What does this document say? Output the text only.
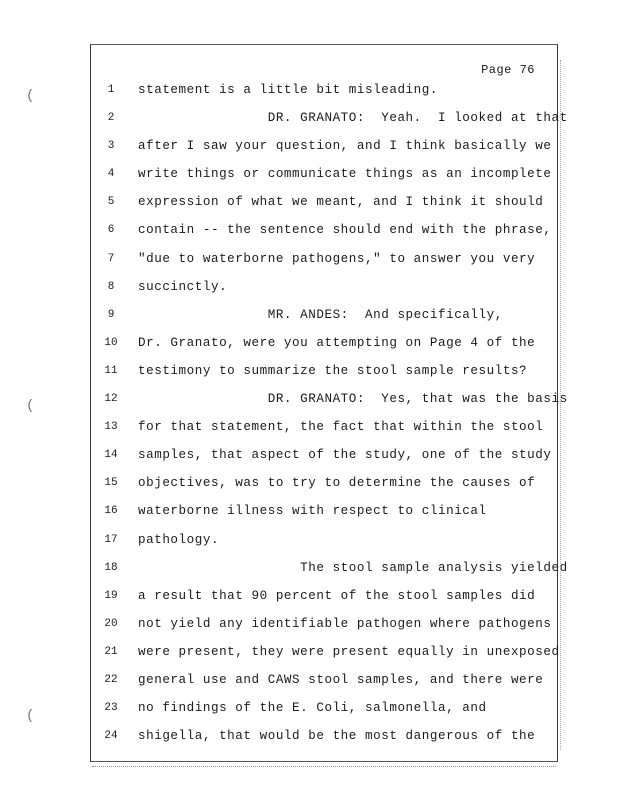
(
(
(
Page 76
1	statement is a little bit misleading.
2	DR. GRANATO:  Yeah.  I looked at that
3	after I saw your question, and I think basically we
4	write things or communicate things as an incomplete
5	expression of what we meant, and I think it should
6	contain -- the sentence should end with the phrase,
7	"due to waterborne pathogens," to answer you very
8	succinctly.
9	MR. ANDES:  And specifically,
10	Dr. Granato, were you attempting on Page 4 of the
11	testimony to summarize the stool sample results?
12	DR. GRANATO:  Yes, that was the basis
13	for that statement, the fact that within the stool
14	samples, that aspect of the study, one of the study
15	objectives, was to try to determine the causes of
16	waterborne illness with respect to clinical
17	pathology.
18	The stool sample analysis yielded
19	a result that 90 percent of the stool samples did
20	not yield any identifiable pathogen where pathogens
21	were present, they were present equally in unexposed
22	general use and CAWS stool samples, and there were
23	no findings of the E. Coli, salmonella, and
24	shigella, that would be the most dangerous of the
